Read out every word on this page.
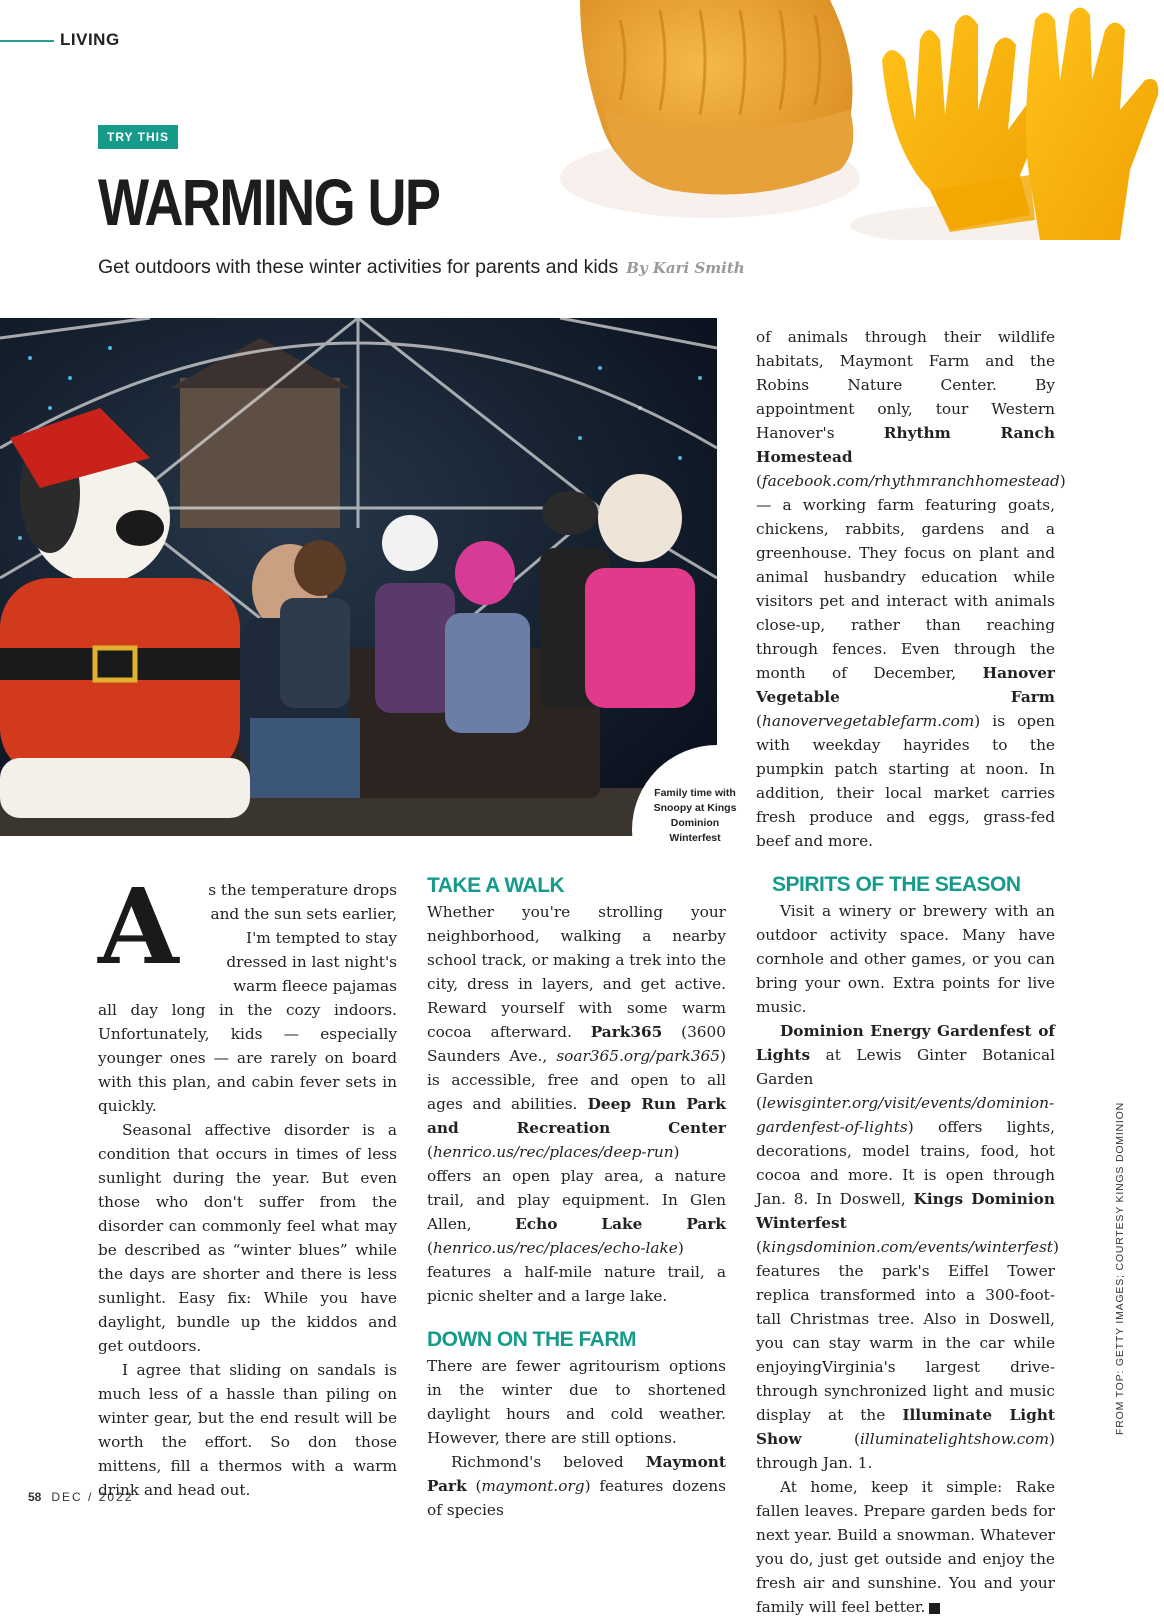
LIVING
TRY THIS
WARMING UP
Get outdoors with these winter activities for parents and kids By Kari Smith
Family time with Snoopy at Kings Dominion Winterfest
A	s the temperature drops

and the sun sets earlier,

I'm tempted to stay

dressed in last night's

warm fleece pajamas

all day long in the cozy indoors. Unfortunately, kids — especially younger ones — are rarely on board with this plan, and cabin fever sets in quickly.

Seasonal affective disorder is a condition that occurs in times of less sunlight during the year. But even those who don't suffer from the disorder can commonly feel what may be described as “winter blues” while the days are shorter and there is less sunlight. Easy fix: While you have daylight, bundle up the kiddos and get outdoors.

I agree that sliding on sandals is much less of a hassle than piling on winter gear, but the end result will be worth the effort. So don those mittens, fill a thermos with a warm drink and head out.

TAKE A WALK

Whether you're strolling your neighborhood, walking a nearby school track, or making a trek into the city, dress in layers, and get active. Reward yourself with some warm cocoa afterward. Park365 (3600 Saunders Ave., soar365.org/park365) is accessible, free and open to all ages and abilities. Deep Run Park and Recreation Center (henrico.us/rec/places/deep-run) offers an open play area, a nature trail, and play equipment. In Glen Allen, Echo Lake Park (henrico.us/rec/places/echo-lake) features a half-mile nature trail, a picnic shelter and a large lake.

DOWN ON THE FARM

There are fewer agritourism options in the winter due to shortened daylight hours and cold weather. However, there are still options.

Richmond's beloved Maymont Park (maymont.org) features dozens of species

of animals through their wildlife habitats, Maymont Farm and the Robins Nature Center. By appointment only, tour Western Hanover's Rhythm Ranch Homestead (facebook.com/rhythmranchhomestead) — a working farm featuring goats, chickens, rabbits, gardens and a greenhouse. They focus on plant and animal husbandry education while visitors pet and interact with animals close-up, rather than reaching through fences. Even through the month of December, Hanover Vegetable Farm (hanovervegetablefarm.com) is open with weekday hayrides to the pumpkin patch starting at noon. In addition, their local market carries fresh produce and eggs, grass-fed beef and more.

SPIRITS OF THE SEASON

Visit a winery or brewery with an outdoor activity space. Many have cornhole and other games, or you can bring your own. Extra points for live music.

Dominion Energy Gardenfest of Lights at Lewis Ginter Botanical Garden (lewisginter.org/visit/events/dominion-gardenfest-of-lights) offers lights, decorations, model trains, food, hot cocoa and more. It is open through Jan. 8. In Doswell, Kings Dominion Winterfest (kingsdominion.com/events/winterfest) features the park's Eiffel Tower replica transformed into a 300-foot-tall Christmas tree. Also in Doswell, you can stay warm in the car while enjoyingVirginia's largest drive-through synchronized light and music display at the Illuminate Light Show (illuminatelightshow.com) through Jan. 1.

At home, keep it simple: Rake fallen leaves. Prepare garden beds for next year. Build a snowman. Whatever you do, just get outside and enjoy the fresh air and sunshine. You and your family will feel better.	R

FROM TOP: GETTY IMAGES; COURTESY KINGS DOMINION
58 DEC / 2022
